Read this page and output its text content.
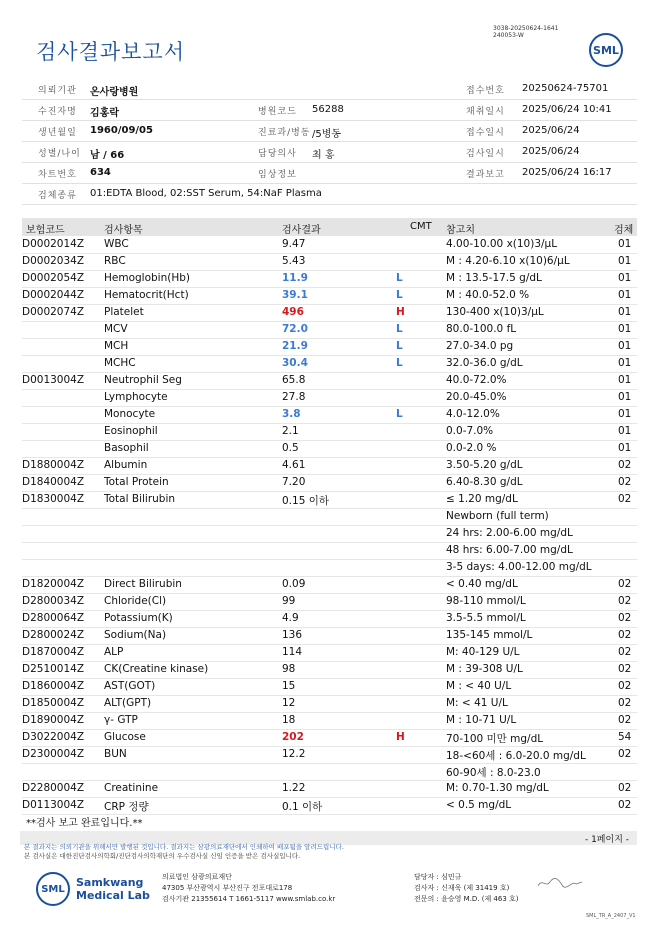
검사결과보고서
3038-20250624-1641
240053-W
SML
의뢰기관 온사랑병원	접수번호 20250624-75701
수진자명 김홍락	병원코드 56288	채취일시 2025/06/24 10:41
생년월일 1960/09/05	진료과/병동 /5병동	접수일시 2025/06/24
성별/나이 남 / 66	담당의사 최 홍	검사일시 2025/06/24
차트번호 634	임상정보	결과보고 2025/06/24 16:17
검체종류 01:EDTA Blood, 02:SST Serum, 54:NaF Plasma
보험코드	검사항목	검사결과	CMT 참고치	검체
D0002014Z WBC	9.47	4.00-10.00 x(10)3/μL	01
D0002034Z RBC	5.43	M : 4.20-6.10 x(10)6/μL	01
D0002054Z Hemoglobin(Hb)	11.9	L	M : 13.5-17.5 g/dL	01
D0002044Z Hematocrit(Hct)	39.1	L	M : 40.0-52.0 %	01
D0002074Z Platelet	496	H	130-400 x(10)3/μL	01
MCV	72.0	L	80.0-100.0 fL	01
MCH	21.9	L	27.0-34.0 pg	01
MCHC	30.4	L	32.0-36.0 g/dL	01
D0013004Z Neutrophil Seg	65.8	40.0-72.0%	01
Lymphocyte	27.8	20.0-45.0%	01
Monocyte	3.8	L	4.0-12.0%	01
Eosinophil	2.1	0.0-7.0%	01
Basophil	0.5	0.0-2.0 %	01
D1880004Z Albumin	4.61	3.50-5.20 g/dL	02
D1840004Z Total Protein	7.20	6.40-8.30 g/dL	02
D1830004Z Total Bilirubin	0.15 이하	≤ 1.20 mg/dL	02
Newborn (full term)
24 hrs: 2.00-6.00 mg/dL
48 hrs: 6.00-7.00 mg/dL
3-5 days: 4.00-12.00 mg/dL
D1820004Z Direct Bilirubin	0.09	< 0.40 mg/dL	02
D2800034Z Chloride(Cl)	99	98-110 mmol/L	02
D2800064Z Potassium(K)	4.9	3.5-5.5 mmol/L	02
D2800024Z Sodium(Na)	136	135-145 mmol/L	02
D1870004Z ALP	114	M: 40-129 U/L	02
D2510014Z CK(Creatine kinase)	98	M : 39-308 U/L	02
D1860004Z AST(GOT)	15	M : < 40 U/L	02
D1850004Z ALT(GPT)	12	M: < 41 U/L	02
D1890004Z γ- GTP	18	M : 10-71 U/L	02
D3022004Z Glucose	202	H	70-100 미만 mg/dL	54
D2300004Z BUN	12.2	18-<60세 : 6.0-20.0 mg/dL	02
60-90세 : 8.0-23.0
D2280004Z Creatinine	1.22	M: 0.70-1.30 mg/dL	02
D0113004Z CRP 정량	0.1 이하	< 0.5 mg/dL	02
**검사 보고 완료입니다.**
- 1페이지 -
본 결과지는 의뢰기관을 위해서만 발행된 것입니다. 결과지는 삼광의료재단에서 인쇄하여 배포됨을 알려드립니다.
본 검사실은 대한진단검사의학회/진단검사의학재단의 우수검사실 신임 인증을 받은 검사실입니다.
SML	Samkwang
Medical Lab
의료법인 삼광의료재단
47305 부산광역시 부산진구 전포대로178
검사기관 21355614 T 1661-5117 www.smlab.co.kr
담당자 : 심민규
검사자 : 신재욱 (제 31419 호)
전문의 : 윤승영 M.D. (제 463 호)
SML_TR_A_2407_V1
